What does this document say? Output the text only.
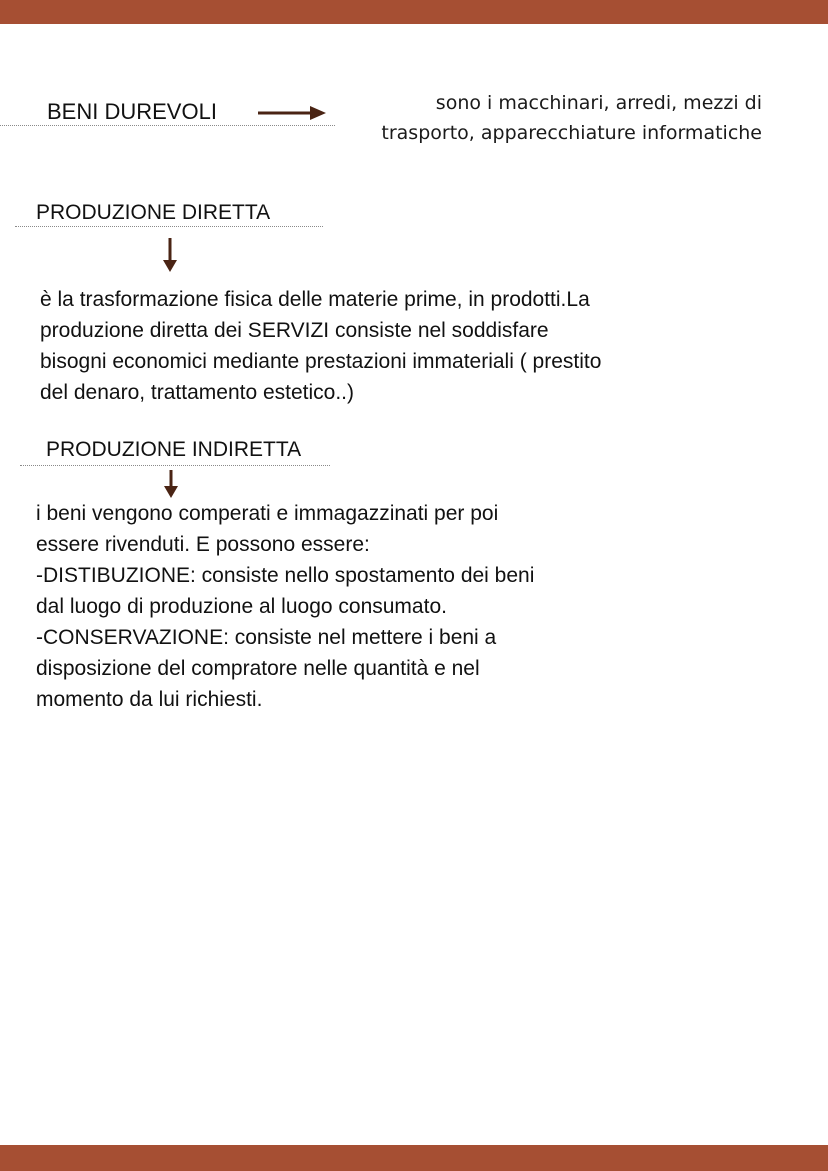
BENI DUREVOLI	sono i macchinari, arredi, mezzi di
trasporto, apparecchiature informatiche
PRODUZIONE DIRETTA
è la trasformazione fisica delle materie prime, in prodotti.La
produzione diretta dei SERVIZI consiste nel soddisfare
bisogni economici mediante prestazioni immateriali ( prestito
del denaro, trattamento estetico..)
PRODUZIONE INDIRETTA
i beni vengono comperati e immagazzinati per poi
essere rivenduti. E possono essere:
-DISTIBUZIONE: consiste nello spostamento dei beni
dal luogo di produzione al luogo consumato.
-CONSERVAZIONE: consiste nel mettere i beni a
disposizione del compratore nelle quantità e nel
momento da lui richiesti.
